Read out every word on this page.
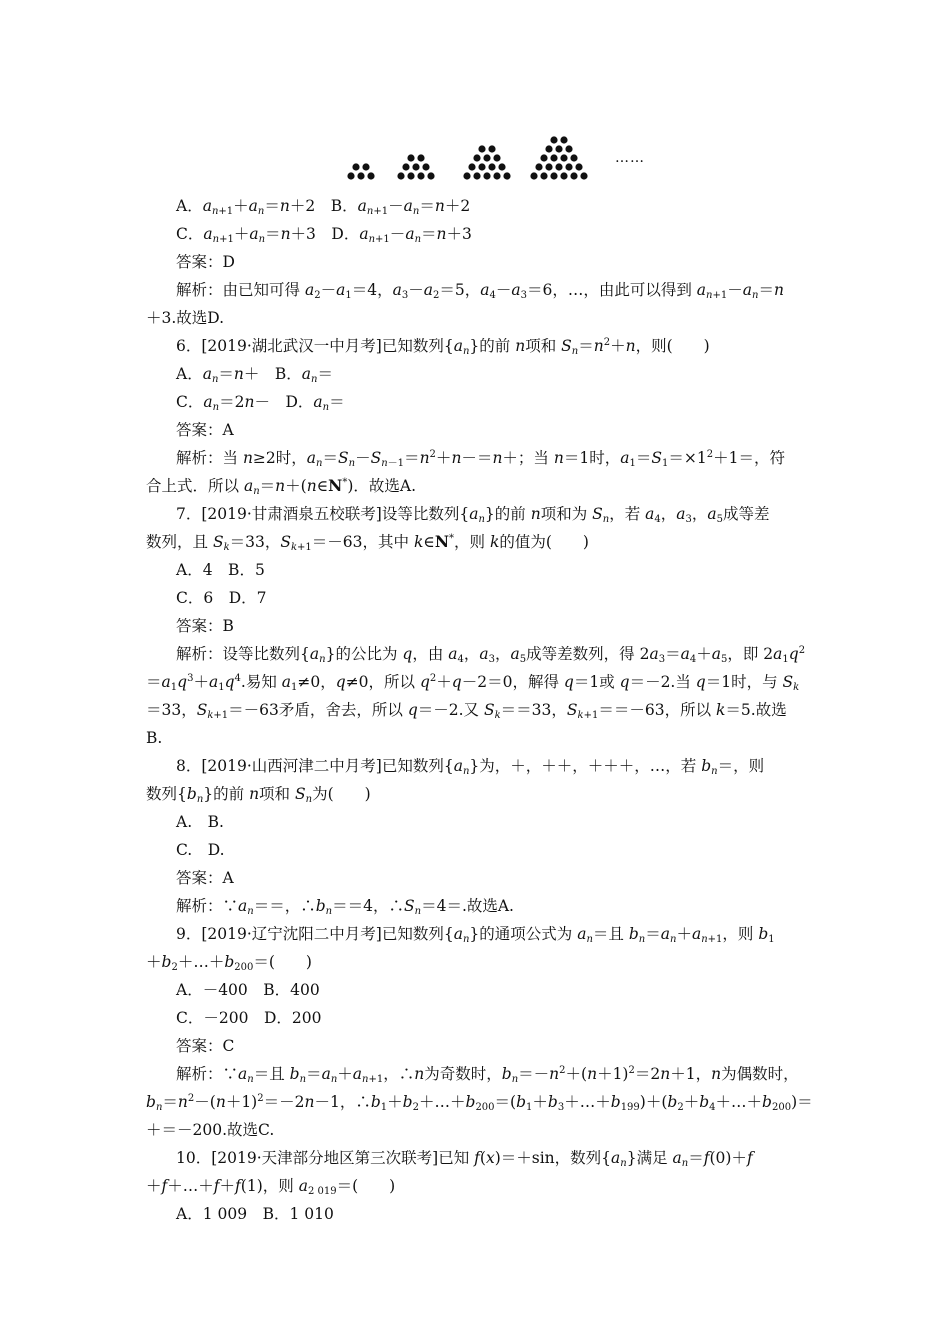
……
A．$a_{n+1}+a_n=n+2$　B．$a_{n+1}-a_n=n+2$
C．$a_{n+1}+a_n=n+3$　D．$a_{n+1}-a_n=n+3$
答案：D
解析：由已知可得 $a_2-a_1=4$，$a_3-a_2=5$，$a_4-a_3=6$，…，由此可以得到 $a_{n+1}-a_n=n$
＋3.故选D.
6．[2019·湖北武汉一中月考]已知数列$\{a_n\}$的前 n项和 $S_n=n^2+n$，则(　　)
A．$a_n=n+$　B．$a_n=$
C．$a_n=2n-$　D．$a_n=$
答案：A
解析：当 n≥2时，$a_n=S_n-S_{n-1}=n^2+n-=n+$；当 n＝1时，$a_1=S_1=\times 1^2+1=$，符
合上式．所以 $a_n=n+(n\in N^*)$．故选A.
7．[2019·甘肃酒泉五校联考]设等比数列$\{a_n\}$的前 n项和为 $S_n$，若 $a_4$，$a_3$，$a_5$成等差
数列，且 $S_k=33$，$S_{k+1}=-63$，其中 k∈N*，则 k的值为(　　)
A．4　B．5
C．6　D．7
答案：B
解析：设等比数列$\{a_n\}$的公比为 q，由 $a_4$，$a_3$，$a_5$成等差数列，得 $2a_3=a_4+a_5$，即 $2a_1q^2$
$=a_1q^3+a_1q^4$.易知 $a_1\ne 0$，q≠0，所以 $q^2+q-2=0$，解得 q＝1或 q＝－2.当 q＝1时，与 $S_k$
＝33，$S_{k+1}=-63$矛盾，舍去，所以 q＝－2.又 $S_k==33$，$S_{k+1}==-63$，所以 k＝5.故选
B.
8．[2019·山西河津二中月考]已知数列$\{a_n\}$为，＋，＋＋，＋＋＋，…，若 $b_n=$，则
数列$\{b_n\}$的前 n项和 $S_n$为(　　)
A.　B.
C.　D.
答案：A
解析：$\because a_n==$，$\therefore b_n==4$，$\therefore S_n=4=$.故选A.
9．[2019·辽宁沈阳二中月考]已知数列$\{a_n\}$的通项公式为 $a_n=$且 $b_n=a_n+a_{n+1}$，则 $b_1$
$+b_2+\dots+b_{200}=$(　　)
A．－400　B．400
C．－200　D．200
答案：C
解析：$\because a_n=$且 $b_n=a_n+a_{n+1}$，∴n为奇数时，$b_n=-n^2+(n+1)^2=2n+1$，n为偶数时，
$b_n=n^2-(n+1)^2=-2n-1$，$\therefore b_1+b_2+\dots+b_{200}=(b_1+b_3+\dots+b_{199})+(b_2+b_4+\dots+b_{200})=$
＋＝－200.故选C.
10．[2019·天津部分地区第三次联考]已知 f(x)＝＋sin，数列$\{a_n\}$满足 $a_n=f(0)+f$
＋f＋…＋f＋f(1)，则 $a_{2 019}=$(　　)
A．1 009　B．1 010
